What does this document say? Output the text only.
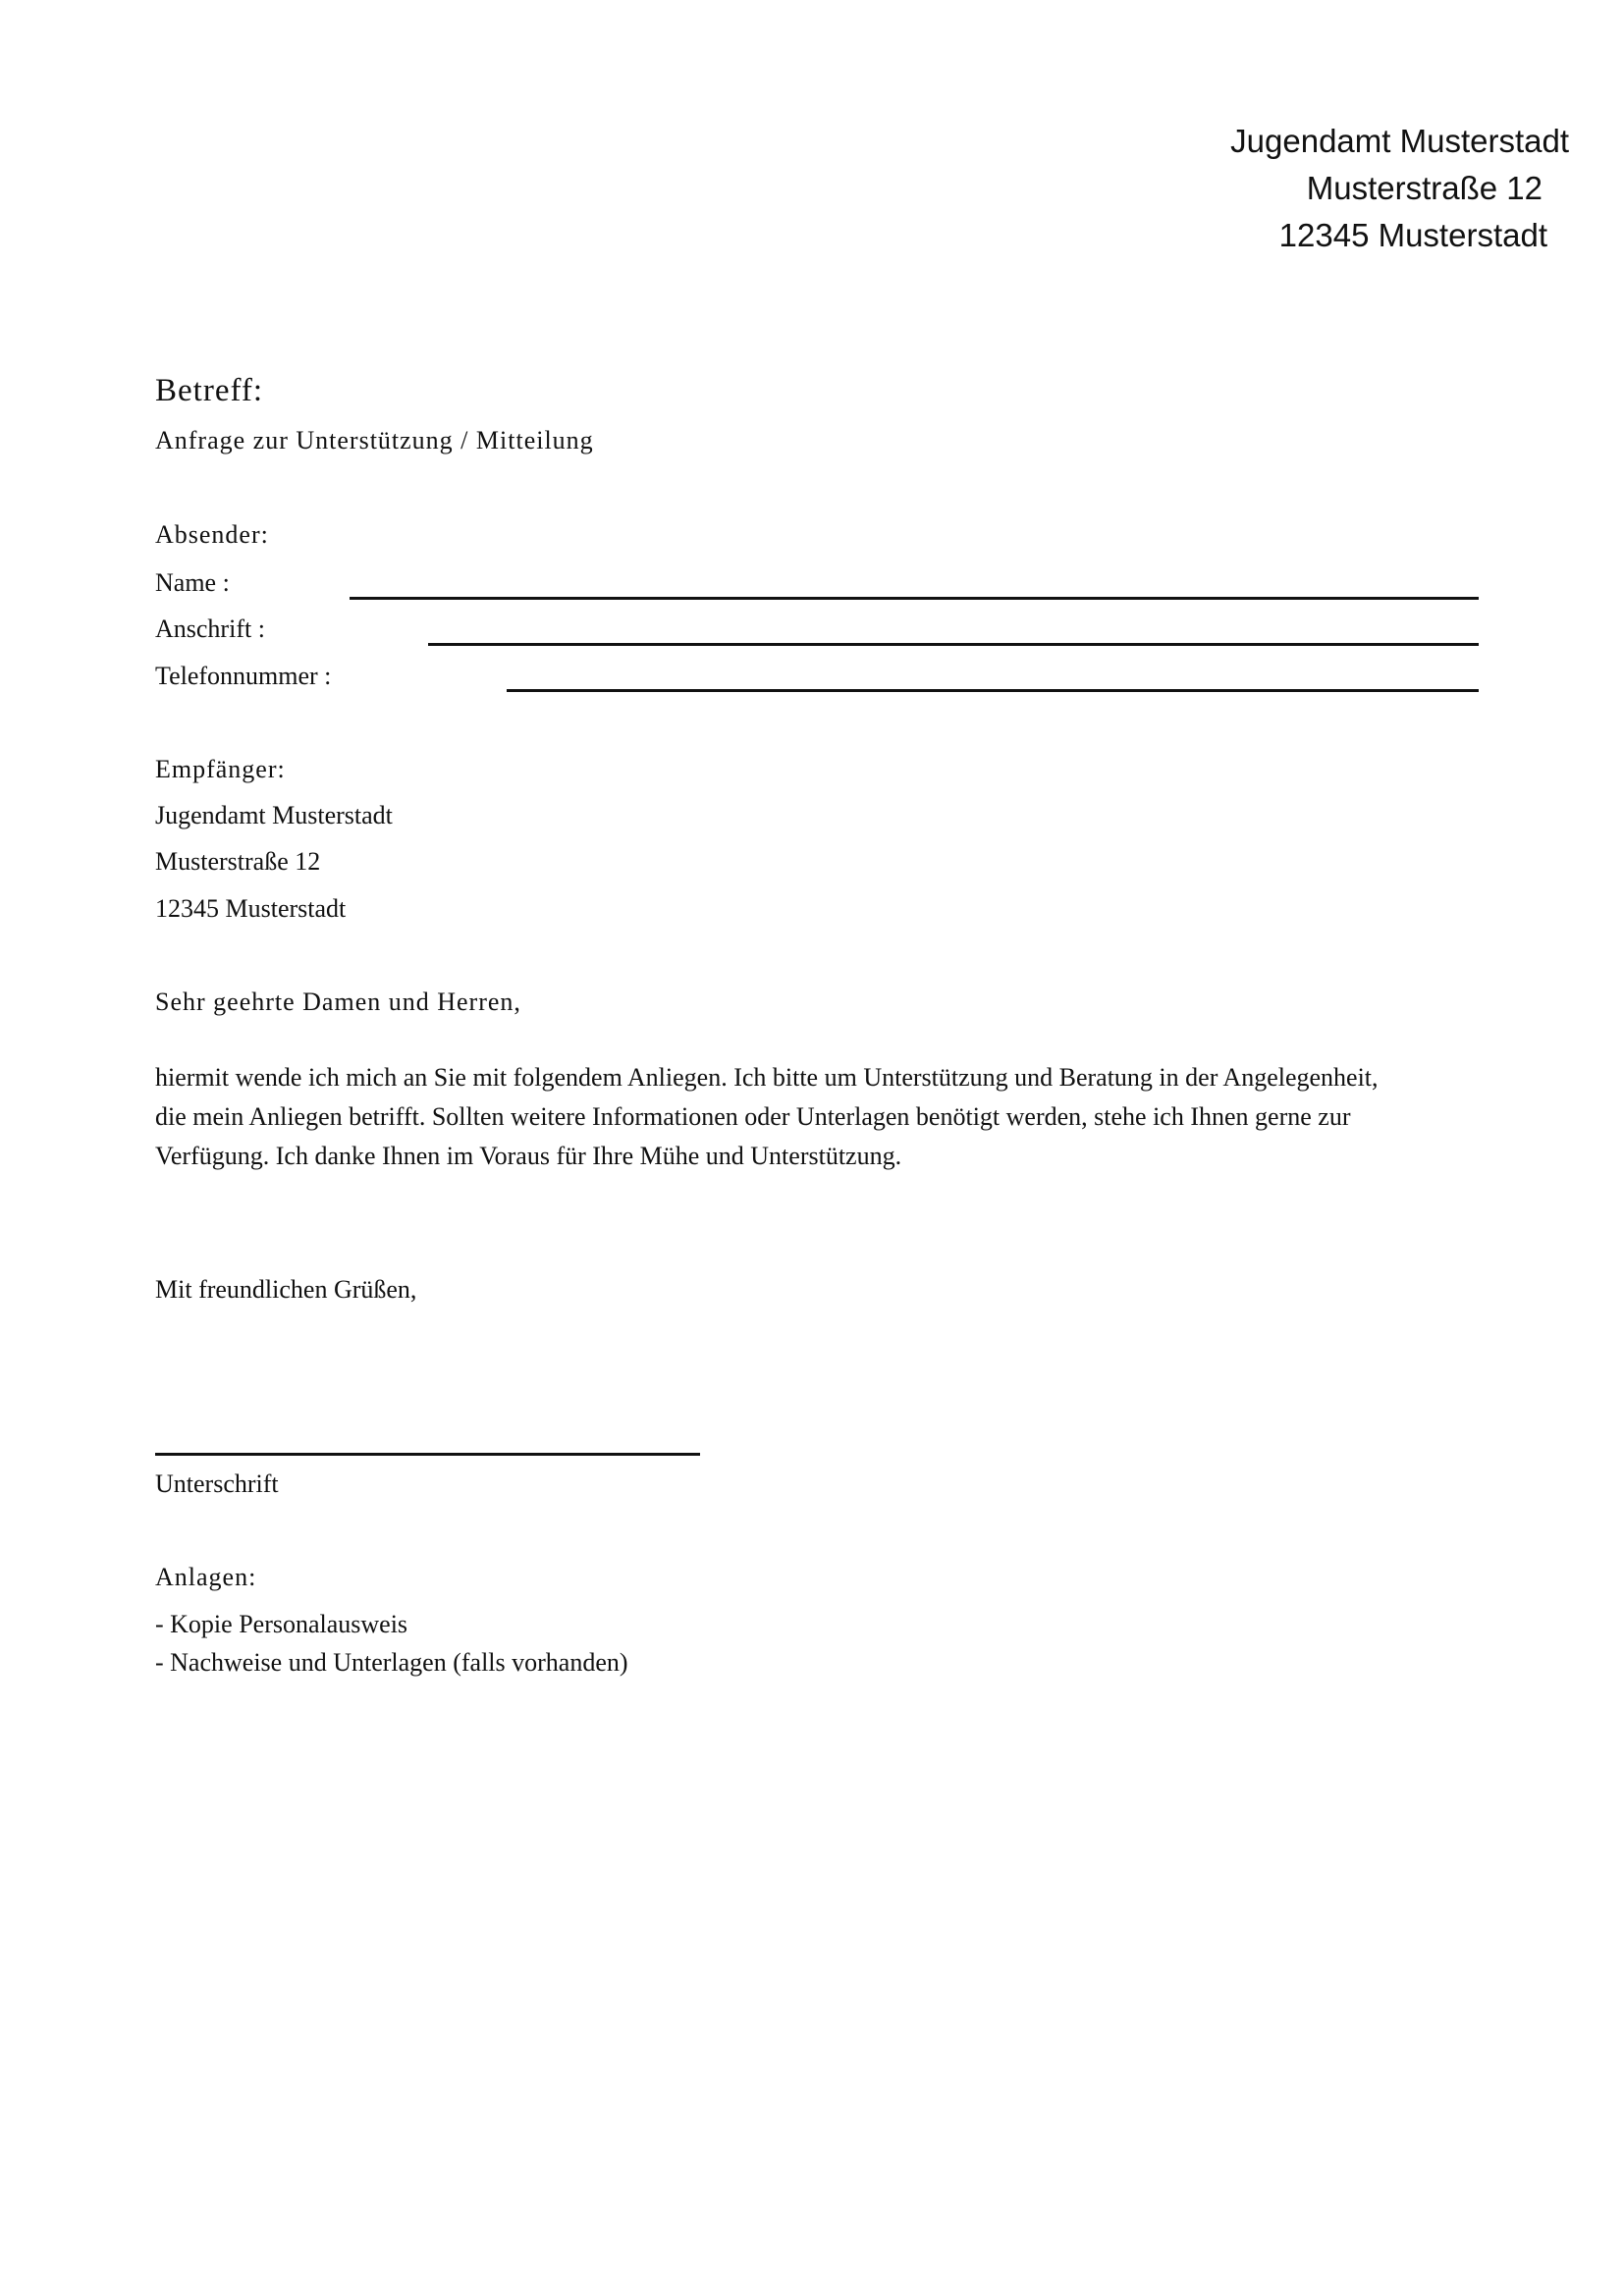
Jugendamt Musterstadt
Musterstraße 12
12345 Musterstadt
Betreff:
Anfrage zur Unterstützung / Mitteilung
Absender:
Name :
Anschrift :
Telefonnummer :
Empfänger:
Jugendamt Musterstadt
Musterstraße 12
12345 Musterstadt
Sehr geehrte Damen und Herren,
hiermit wende ich mich an Sie mit folgendem Anliegen. Ich bitte um Unterstützung und Beratung in der Angelegenheit,
die mein Anliegen betrifft. Sollten weitere Informationen oder Unterlagen benötigt werden, stehe ich Ihnen gerne zur
Verfügung. Ich danke Ihnen im Voraus für Ihre Mühe und Unterstützung.
Mit freundlichen Grüßen,
Unterschrift
Anlagen:
- Kopie Personalausweis
- Nachweise und Unterlagen (falls vorhanden)
